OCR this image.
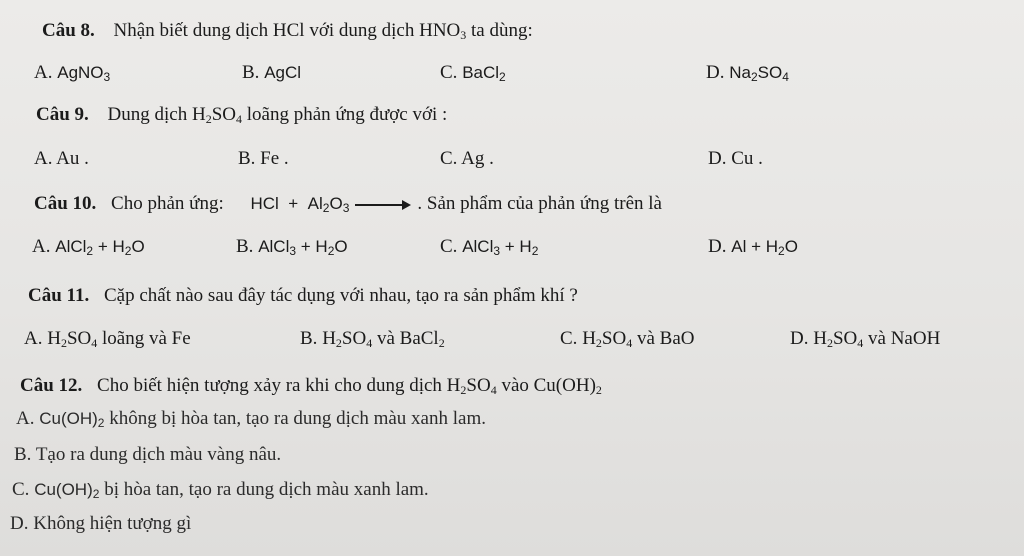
Câu 8. Nhận biết dung dịch HCl với dung dịch $HNO_3$ ta dùng:
A. AgNO$_3$	B. AgCl	C. BaCl$_2$	D. $Na_2SO_4$
Câu 9. Dung dịch $H_2SO_4$ loãng phản ứng được với :
A. Au .	B. Fe .	C. Ag .	D. Cu .
Câu 10. Cho phản ứng: HCl + $Al_2O_3$ → . Sản phẩm của phản ứng trên là
A. AlCl$_2$ + $H_2O$	B. AlCl$_3$ + $H_2O$	C. AlCl$_3$ + $H_2$	D. $Al + H_2O$
Câu 11. Cặp chất nào sau đây tác dụng với nhau, tạo ra sản phẩm khí ?
A. $H_2SO_4$ loãng và Fe	B. $H_2SO_4$ và BaCl$_2$	C. $H_2SO_4$ và BaO	D. $H_2SO_4$ và NaOH
Câu 12. Cho biết hiện tượng xảy ra khi cho dung dịch $H_2SO_4$ vào $Cu(OH)_2$
A. $Cu(OH)_2$ không bị hòa tan, tạo ra dung dịch màu xanh lam.
B. Tạo ra dung dịch màu vàng nâu.
C. $Cu(OH)_2$ bị hòa tan, tạo ra dung dịch màu xanh lam.
D. Không hiện tượng gì
